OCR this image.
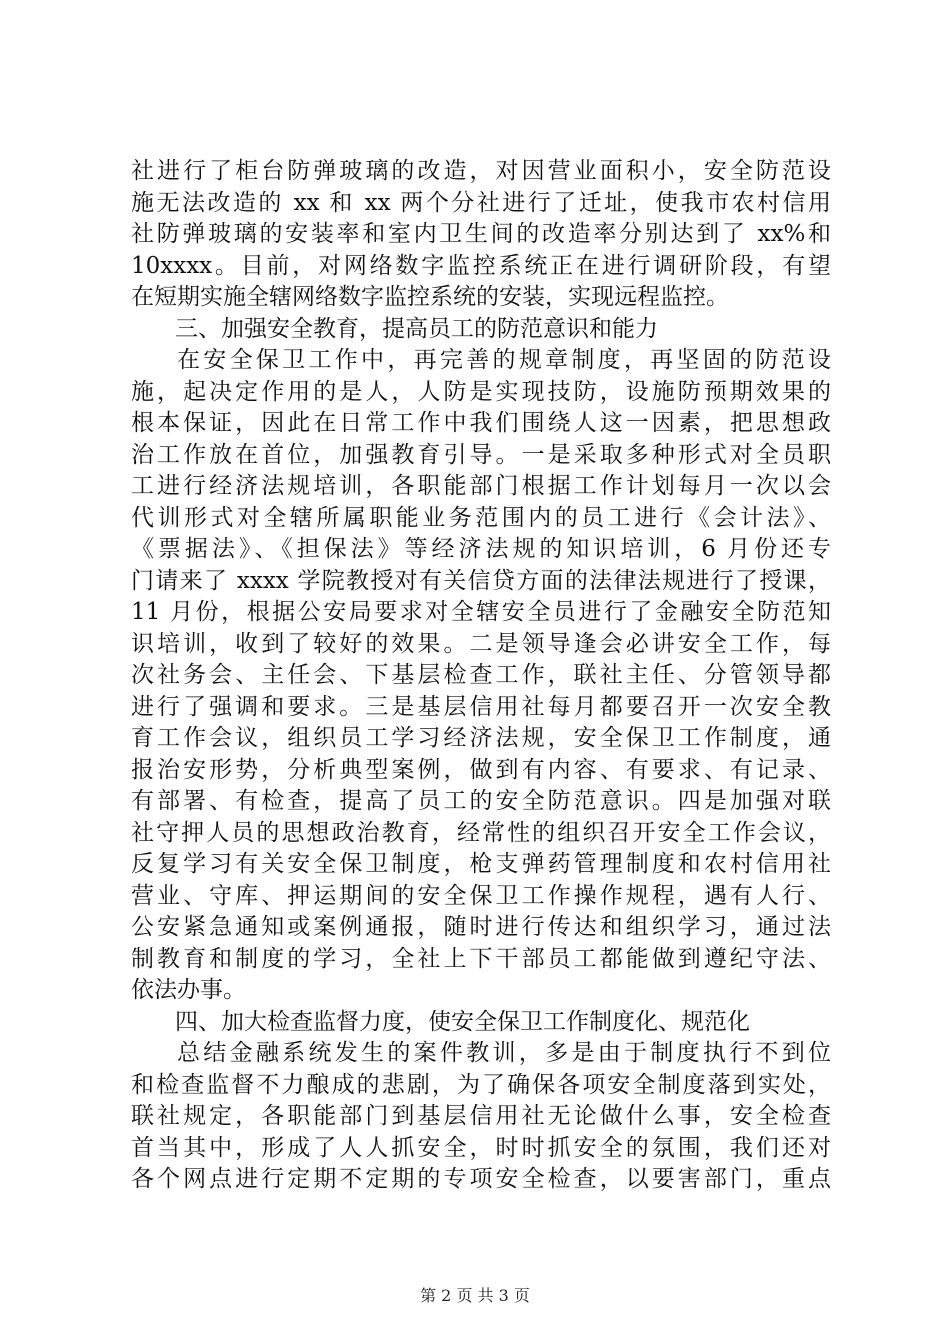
社进行了柜台防弹玻璃的改造，对因营业面积小，安全防范设
施无法改造的 xx 和 xx 两个分社进行了迁址，使我市农村信用
社防弹玻璃的安装率和室内卫生间的改造率分别达到了 xx%和
10xxxx。目前，对网络数字监控系统正在进行调研阶段，有望
在短期实施全辖网络数字监控系统的安装，实现远程监控。
三、加强安全教育，提高员工的防范意识和能力
在安全保卫工作中，再完善的规章制度，再坚固的防范设
施，起决定作用的是人，人防是实现技防，设施防预期效果的
根本保证，因此在日常工作中我们围绕人这一因素，把思想政
治工作放在首位，加强教育引导。一是采取多种形式对全员职
工进行经济法规培训，各职能部门根据工作计划每月一次以会
代训形式对全辖所属职能业务范围内的员工进行《会计法》、
《票据法》、《担保法》等经济法规的知识培训，6 月份还专
门请来了 xxxx 学院教授对有关信贷方面的法律法规进行了授课，
11 月份，根据公安局要求对全辖安全员进行了金融安全防范知
识培训，收到了较好的效果。二是领导逢会必讲安全工作，每
次社务会、主任会、下基层检查工作，联社主任、分管领导都
进行了强调和要求。三是基层信用社每月都要召开一次安全教
育工作会议，组织员工学习经济法规，安全保卫工作制度，通
报治安形势，分析典型案例，做到有内容、有要求、有记录、
有部署、有检查，提高了员工的安全防范意识。四是加强对联
社守押人员的思想政治教育，经常性的组织召开安全工作会议，
反复学习有关安全保卫制度，枪支弹药管理制度和农村信用社
营业、守库、押运期间的安全保卫工作操作规程，遇有人行、
公安紧急通知或案例通报，随时进行传达和组织学习，通过法
制教育和制度的学习，全社上下干部员工都能做到遵纪守法、
依法办事。
四、加大检查监督力度，使安全保卫工作制度化、规范化
总结金融系统发生的案件教训，多是由于制度执行不到位
和检查监督不力酿成的悲剧，为了确保各项安全制度落到实处，
联社规定，各职能部门到基层信用社无论做什么事，安全检查
首当其中，形成了人人抓安全，时时抓安全的氛围，我们还对
各个网点进行定期不定期的专项安全检查，以要害部门，重点
第 2 页 共 3 页
